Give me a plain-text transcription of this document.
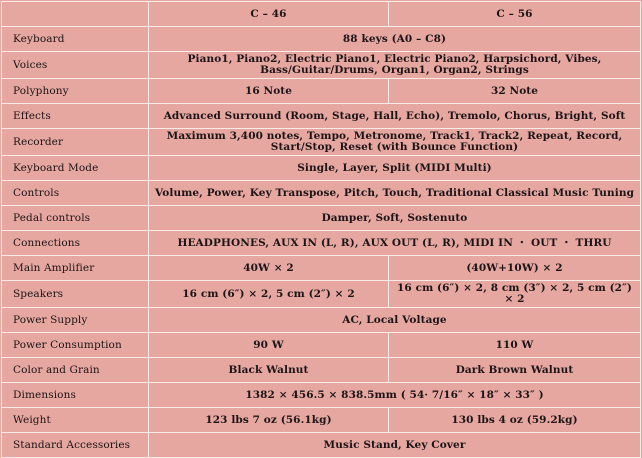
	C – 46	C – 56
Keyboard	88 keys (A0 – C8)	
Voices	Piano1, Piano2, Electric Piano1, Electric Piano2, Harpsichord, Vibes, Bass/Guitar/Drums, Organ1, Organ2, Strings	
Polyphony	16 Note	32 Note
Effects	Advanced Surround (Room, Stage, Hall, Echo), Tremolo, Chorus, Bright, Soft	
Recorder	Maximum 3,400 notes, Tempo, Metronome, Track1, Track2, Repeat, Record, Start/Stop, Reset (with Bounce Function)	
Keyboard Mode	Single, Layer, Split (MIDI Multi)	
Controls	Volume, Power, Key Transpose, Pitch, Touch, Traditional Classical Music Tuning	
Pedal controls	Damper, Soft, Sostenuto	
Connections	HEADPHONES, AUX IN (L, R), AUX OUT (L, R), MIDI IN ・ OUT ・ THRU	
Main Amplifier	40W × 2	(40W+10W) × 2
Speakers	16 cm (6″) × 2, 5 cm (2″) × 2	16 cm (6″) × 2, 8 cm (3″) × 2, 5 cm (2″) × 2
Power Supply	AC, Local Voltage	
Power Consumption	90 W	110 W
Color and Grain	Black Walnut	Dark Brown Walnut
Dimensions	1382 × 456.5 × 838.5mm ( 54· 7/16″ × 18″ × 33″ )	
Weight	123 lbs 7 oz (56.1kg)	130 lbs 4 oz (59.2kg)
Standard Accessories	Music Stand, Key Cover	
